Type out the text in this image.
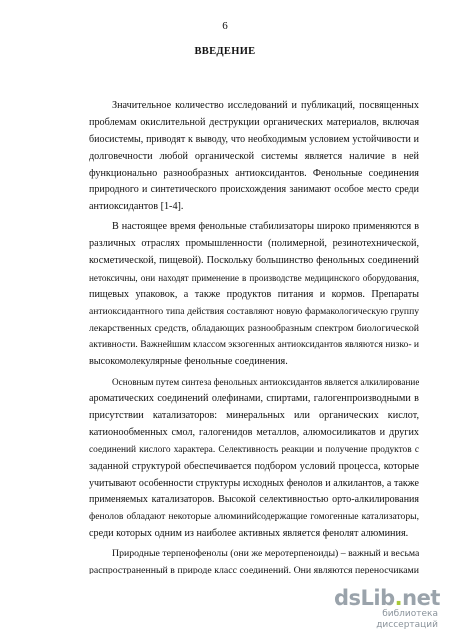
6
ВВЕДЕНИЕ
Значительное количество исследований и публикаций, посвященных
проблемам окислительной деструкции органических материалов, включая
биосистемы, приводят к выводу, что необходимым условием устойчивости и
долговечности любой органической системы является наличие в ней
функционально разнообразных антиоксидантов. Фенольные соединения
природного и синтетического происхождения занимают особое место среди
антиоксидантов [1-4].
В настоящее время фенольные стабилизаторы широко применяются в
различных отраслях промышленности (полимерной, резинотехнической,
косметической, пищевой). Поскольку большинство фенольных соединений
нетоксичны, они находят применение в производстве медицинского оборудования,
пищевых упаковок, а также продуктов питания и кормов. Препараты
антиоксидантного типа действия составляют новую фармакологическую группу
лекарственных средств, обладающих разнообразным спектром биологической
активности. Важнейшим классом экзогенных антиоксидантов являются низко- и
высокомолекулярные фенольные соединения.
Основным путем синтеза фенольных антиоксидантов является алкилирование
ароматических соединений олефинами, спиртами, галогенпроизводными в
присутствии катализаторов: минеральных или органических кислот,
катионообменных смол, галогенидов металлов, алюмосиликатов и других
соединений кислого характера. Селективность реакции и получение продуктов с
заданной структурой обеспечивается подбором условий процесса, которые
учитывают особенности структуры исходных фенолов и алкилантов, а также
применяемых катализаторов. Высокой селективностью орто-алкилирования
фенолов обладают некоторые алюминийсодержащие гомогенные катализаторы,
среди которых одним из наиболее активных является фенолят алюминия.
Природные терпенофенолы (они же меротерпеноиды) – важный и весьма
распространенный в природе класс соединений. Они являются переносчиками
dsLib.net
библиотека диссертаций
